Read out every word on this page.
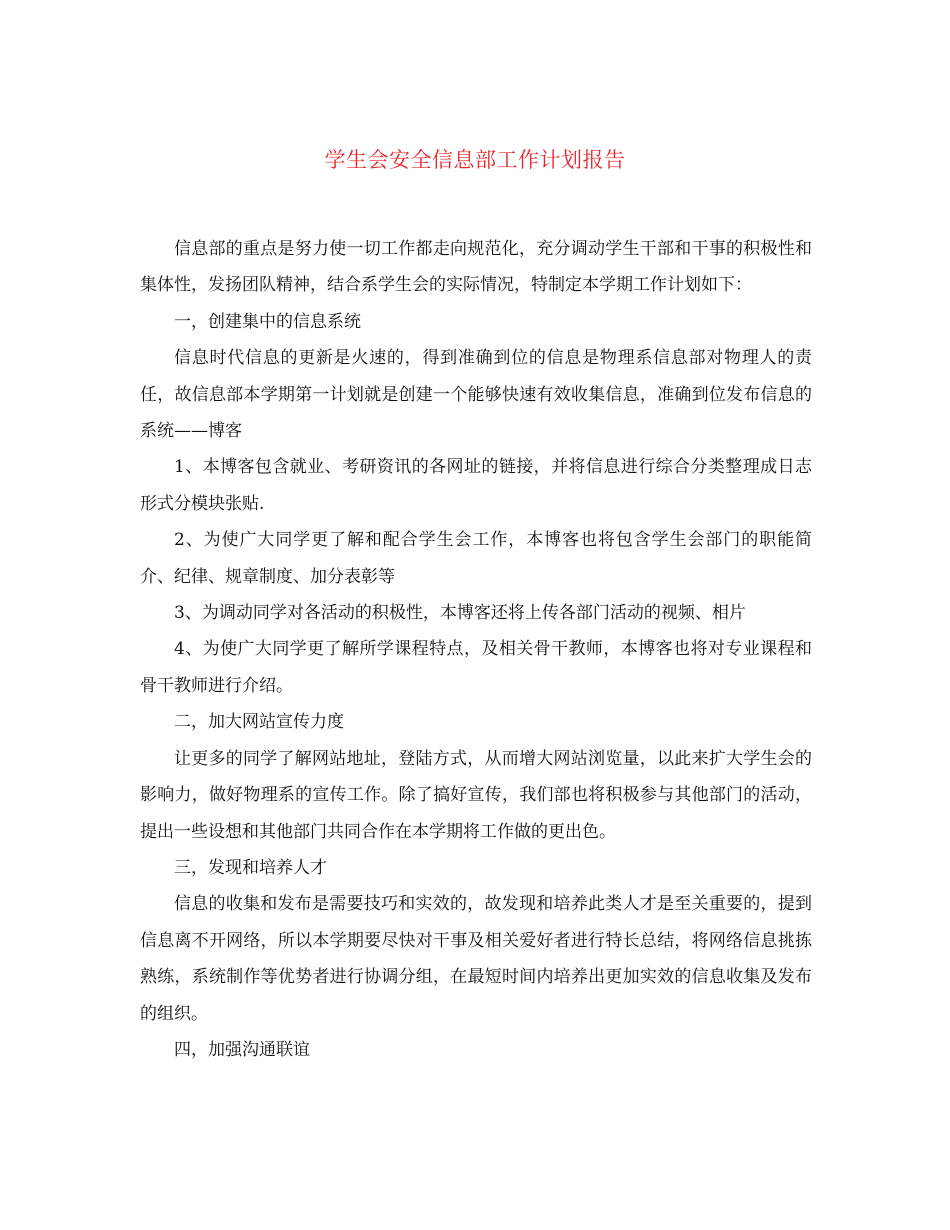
学生会安全信息部工作计划报告

信息部的重点是努力使一切工作都走向规范化，充分调动学生干部和干事的积极性和集体性，发扬团队精神，结合系学生会的实际情况，特制定本学期工作计划如下：

一，创建集中的信息系统

信息时代信息的更新是火速的，得到准确到位的信息是物理系信息部对物理人的责任，故信息部本学期第一计划就是创建一个能够快速有效收集信息，准确到位发布信息的系统——博客

1、本博客包含就业、考研资讯的各网址的链接，并将信息进行综合分类整理成日志形式分模块张贴.

2、为使广大同学更了解和配合学生会工作，本博客也将包含学生会部门的职能简介、纪律、规章制度、加分表彰等

3、为调动同学对各活动的积极性，本博客还将上传各部门活动的视频、相片

4、为使广大同学更了解所学课程特点，及相关骨干教师，本博客也将对专业课程和骨干教师进行介绍。

二，加大网站宣传力度

让更多的同学了解网站地址，登陆方式，从而增大网站浏览量，以此来扩大学生会的影响力，做好物理系的宣传工作。除了搞好宣传，我们部也将积极参与其他部门的活动，提出一些设想和其他部门共同合作在本学期将工作做的更出色。

三，发现和培养人才

信息的收集和发布是需要技巧和实效的，故发现和培养此类人才是至关重要的，提到信息离不开网络，所以本学期要尽快对干事及相关爱好者进行特长总结，将网络信息挑拣熟练，系统制作等优势者进行协调分组，在最短时间内培养出更加实效的信息收集及发布的组织。

四，加强沟通联谊
